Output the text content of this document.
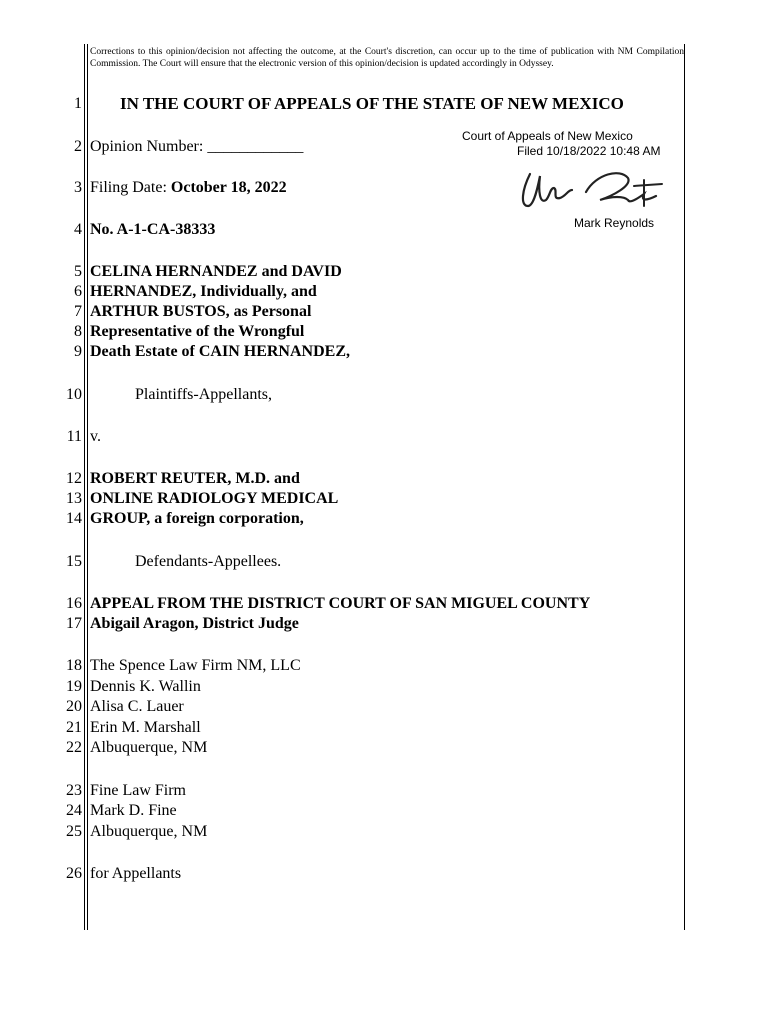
Corrections to this opinion/decision not affecting the outcome, at the Court's discretion, can occur up to the time of publication with NM Compilation Commission. The Court will ensure that the electronic version of this opinion/decision is updated accordingly in Odyssey.
1 IN THE COURT OF APPEALS OF THE STATE OF NEW MEXICO
2 Opinion Number: ____________
Court of Appeals of New Mexico
Filed 10/18/2022 10:48 AM
Mark Reynolds
3 Filing Date: October 18, 2022
4 No. A-1-CA-38333
5 CELINA HERNANDEZ and DAVID
6 HERNANDEZ, Individually, and
7 ARTHUR BUSTOS, as Personal
8 Representative of the Wrongful
9 Death Estate of CAIN HERNANDEZ,
10	Plaintiffs-Appellants,
11 v.
12 ROBERT REUTER, M.D. and
13 ONLINE RADIOLOGY MEDICAL
14 GROUP, a foreign corporation,
15	Defendants-Appellees.
16 APPEAL FROM THE DISTRICT COURT OF SAN MIGUEL COUNTY
17 Abigail Aragon, District Judge
18 The Spence Law Firm NM, LLC
19 Dennis K. Wallin
20 Alisa C. Lauer
21 Erin M. Marshall
22 Albuquerque, NM
23 Fine Law Firm
24 Mark D. Fine
25 Albuquerque, NM
26 for Appellants
